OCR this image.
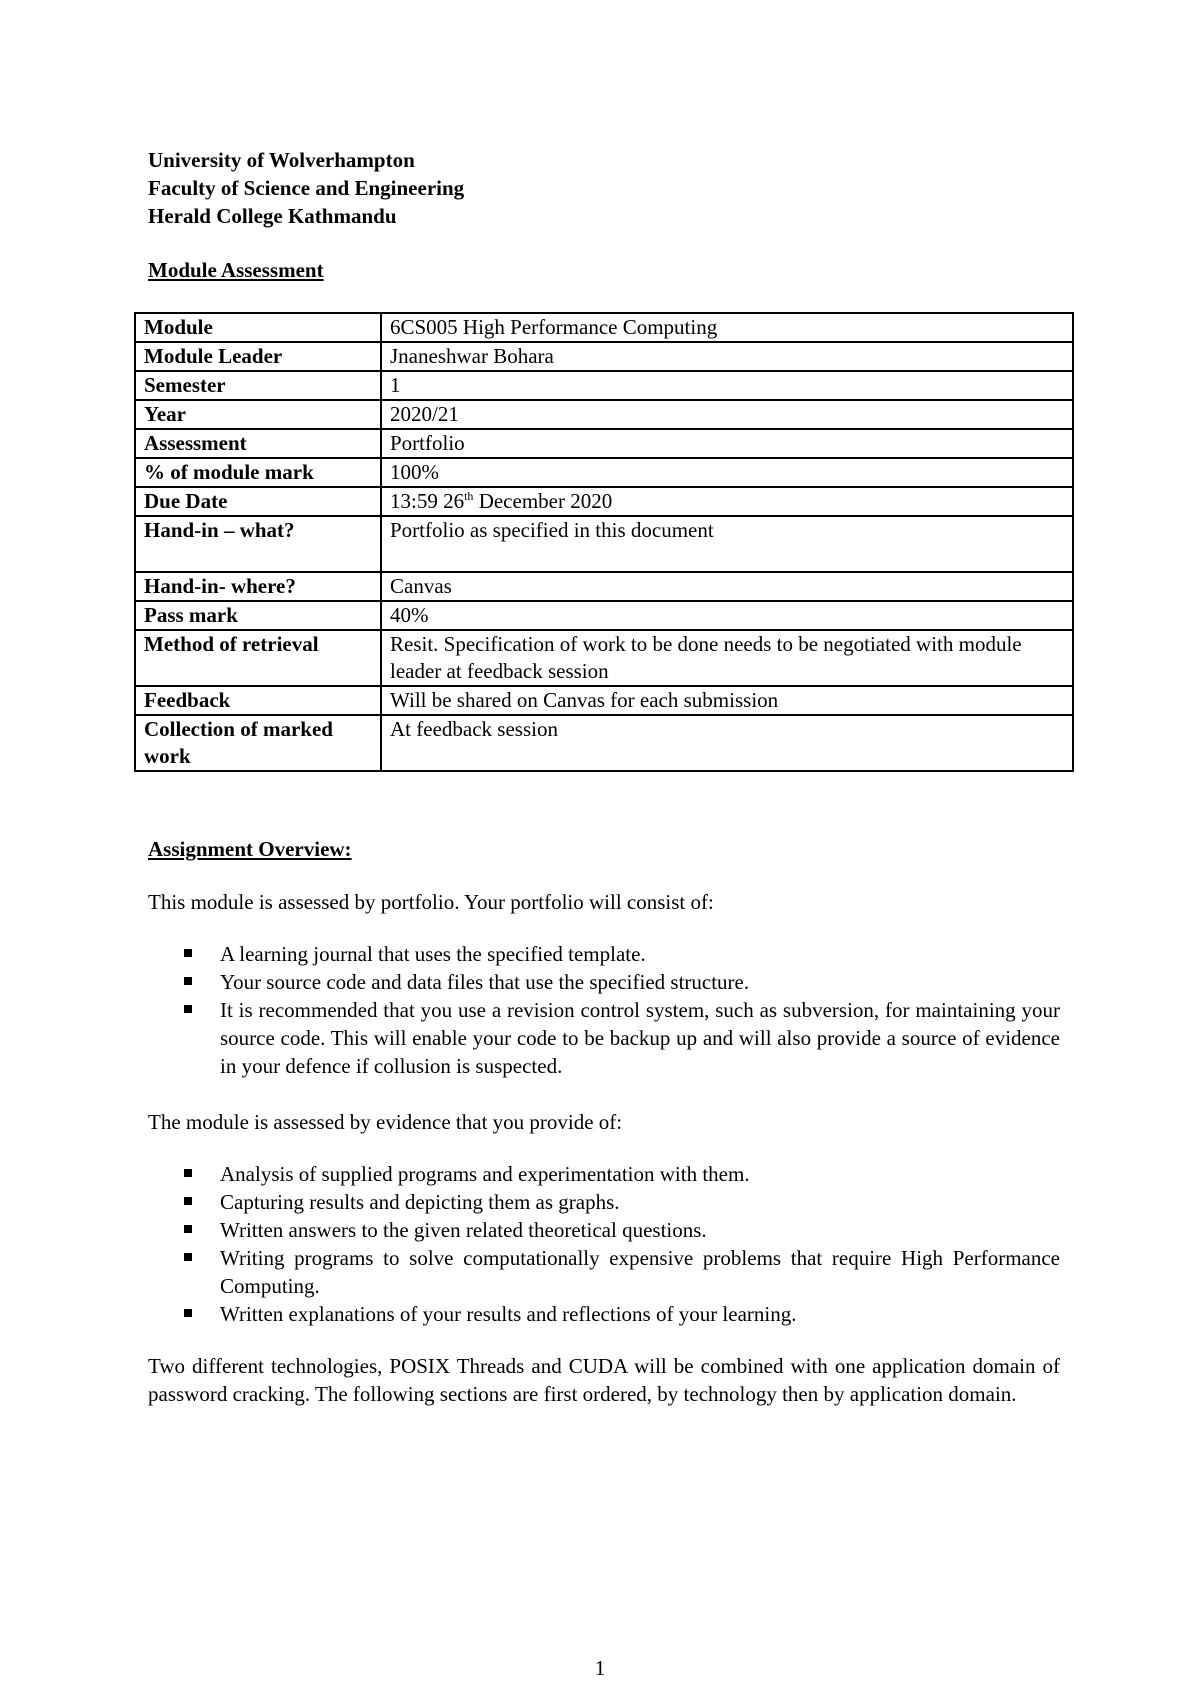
University of Wolverhampton

Faculty of Science and Engineering

Herald College Kathmandu

Module Assessment

Module	6CS005 High Performance Computing
Module Leader	Jnaneshwar Bohara
Semester	1
Year	2020/21
Assessment	Portfolio
% of module mark	100%
Due Date	13:59 26th December 2020
Hand-in – what?	Portfolio as specified in this document
Hand-in- where?	Canvas
Pass mark	40%
Method of retrieval	Resit. Specification of work to be done needs to be negotiated with module leader at feedback session
Feedback	Will be shared on Canvas for each submission
Collection of marked work	At feedback session

Assignment Overview:

This module is assessed by portfolio. Your portfolio will consist of:

A learning journal that uses the specified template.
Your source code and data files that use the specified structure.
It is recommended that you use a revision control system, such as subversion, for maintaining your source code. This will enable your code to be backup up and will also provide a source of evidence in your defence if collusion is suspected.

The module is assessed by evidence that you provide of:

Analysis of supplied programs and experimentation with them.
Capturing results and depicting them as graphs.
Written answers to the given related theoretical questions.
Writing programs to solve computationally expensive problems that require High Performance Computing.
Written explanations of your results and reflections of your learning.

Two different technologies, POSIX Threads and CUDA will be combined with one application domain of password cracking. The following sections are first ordered, by technology then by application domain.

1
